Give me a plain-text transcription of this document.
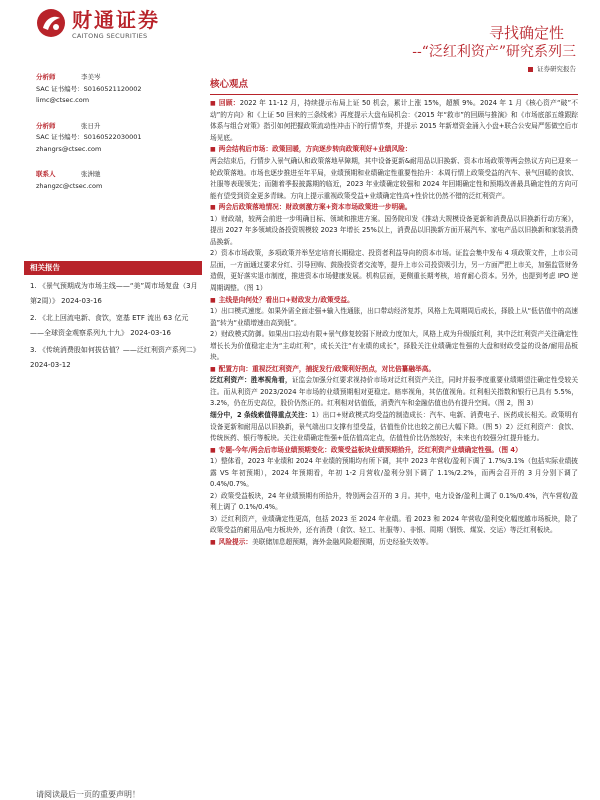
财通证券
CAITONG SECURITIES	寻找确定性
--“泛红利资产”研究系列三
证券研究报告
分析师	李美岑
SAC 证书编号：S0160521120002
limc@ctsec.com
分析师	张日升
SAC 证书编号：S0160522030001
zhangrs@ctsec.com
联系人	张洲驰
zhangzc@ctsec.com
相关报告
1. 《景气预期成为市场主线——“美”周市场复盘（3月第2周）》 2024-03-16
2. 《北上回流电新、食饮，宽基 ETF 流出 63 亿元——全球资金观察系列九十九》 2024-03-16
3. 《传统消费股如何拔估值？——泛红利资产系列二》 2024-03-12
核心观点

■ 回顾：2022 年 11-12 月，持续提示布局上证 50 机会，累计上涨 15%，超额 9%。2024 年 1 月《核心资产“破”不动”的方向》和《上证 50 回来的三条线索》再度提示大盘布局机会：《2015 年“救市”的回顾与推演》和《市场底部五维跟踪体系与组合对策》指引如何把握政策流动性冲击下的行情节奏，并提示 2015 年新增资金涌入小盘+联合公安局严惩做空后市场见底。

■ 两会结构后市场：政策回暖，方向逐步转向政策利好+业绩风险：

两会结束后，行情步入景气确认和政策落地早障期，其中设备更新&耐用品以旧换新、资本市场政策等两会热议方向已迎来一轮政策落地。市场也逐步推进至年平局，业绩预期和业绩确定性重要性抬升：本周行情上政策受益的汽车、景气回暖的食饮、社服等表现领先；而随着季报披露期的临近，2023 年业绩确定较强和 2024 年回期确定性和预期改善最具确定性的方向可能有望受到资金更多青睐。方向上提示重视政策受益+业绩确定性高+性价比仍然不错的泛红利资产。

■ 两会后政策落地情况：财政刺激方案+资本市场政策进一步明确。

1）财政端，较两会前进一步明确目标、领域和推进方案。国务院印发《推动大规模设备更新和消费品以旧换新行动方案》，提出 2027 年多领域设备投资规模较 2023 年增长 25%以上，消费品以旧换新方面开展汽车、家电产品以旧换新和家装消费品换新。

2）资本市场政策，多项政策并举坚定培育长期稳定、投资者利益导向的资本市场。证监会集中发布 4 项政策文件，上市公司层面，一方面通过要求分红、引导回购、鼓励投资者交流等，提升上市公司投资吸引力，另一方面严把上市关，加强监管财务造假，更好落实退市制度，推进资本市场健康发展。机构层面，更侧重长期考核，培育耐心资本。另外，也提到考虑 IPO 逆周期调整。（图 1）

■ 主线是向何处？看出口+财政发力/政策受益。

1）出口模式速度。如果外需全面走强+输入性通胀，出口带动经济复苏，风格上先周期周后成长，择股上从“低估值中的高速盈”转为“业绩增速由高到低”。

2）财政模式防御。如果出口拉动有限+景气修复较弱下财政力度加大，风格上成为升级版红利，其中泛红利资产关注确定性增长长为价值稳定走为“主动红利”，成长关注“有业绩的成长”，择股关注业绩确定性强的大盘和财政受益的设备/耐用品板块。

■ 配置方向：重视泛红利资产，捕捉发行/政策利好拐点，对比倍纂融举高。

泛红利资产：胜率视角看，证监会加强分红要求视持价市场对泛红利资产关注，同时并报季度重要业绩期望注确定性受较关注。而从利资产 2023/2024 年市场的业绩预期相对更稳定。赔率视角，其估值视角。红利相关指数和银行已具有 5.5%，3.2%，仍在历史高位，股价仍然正的。红利相对估值低，消费汽车和金融估值也仍有提升空间。（图 2，图 3）

细分中，2 条线索值得重点关注：1）出口+财政模式均受益的制造成长：汽车、电新、消费电子、医药成长相关。政策明有设备更新和耐用品以旧换新，景气端出口支撑有望受益，估值性价比也较之前已大幅下降。（图 5）2）泛红利资产：食饮、传统医药、银行等板块。关注业绩确定性强+低估值高定点，估值性价比仍然较好，未来也有较强分红提升能力。

■ 专题-今年/两会后市场业绩预期变化：政策受益板块业绩预期拾升，泛红利资产业绩确定性强。（图 4）

1）整体看，2023 年业绩和 2024 年业绩的预期均有所下调，其中 2023 年营收/盈利下调了 1.7%/3.1%（包括实际业绩披露 VS 年初预期），2024 年预期看，年初 1-2 月营收/盈利分别下调了 1.1%/2.2%，而两会召开的 3 月分别下调了 0.4%/0.7%。

2）政策受益板块，24 年业绩预期有所拾升，特别两会召开的 3 月。其中，电力设备/盈利上调了 0.1%/0.4%，汽车营收/盈利上调了 0.1%/0.4%。

3）泛红利资产，业绩确定性更高，包括 2023 至 2024 年业绩。看 2023 和 2024 年营收/盈利变化幅度越市场板块，除了政策受益的耐用品/电力板块外，还有消费（食饮、轻工、社服等）、非银、周期（钢铁、煤炭、交运）等泛红利板块。

■ 风险提示：美联储加息超预期，海外金融风险超预期，历史经验失效等。

请阅读最后一页的重要声明！
